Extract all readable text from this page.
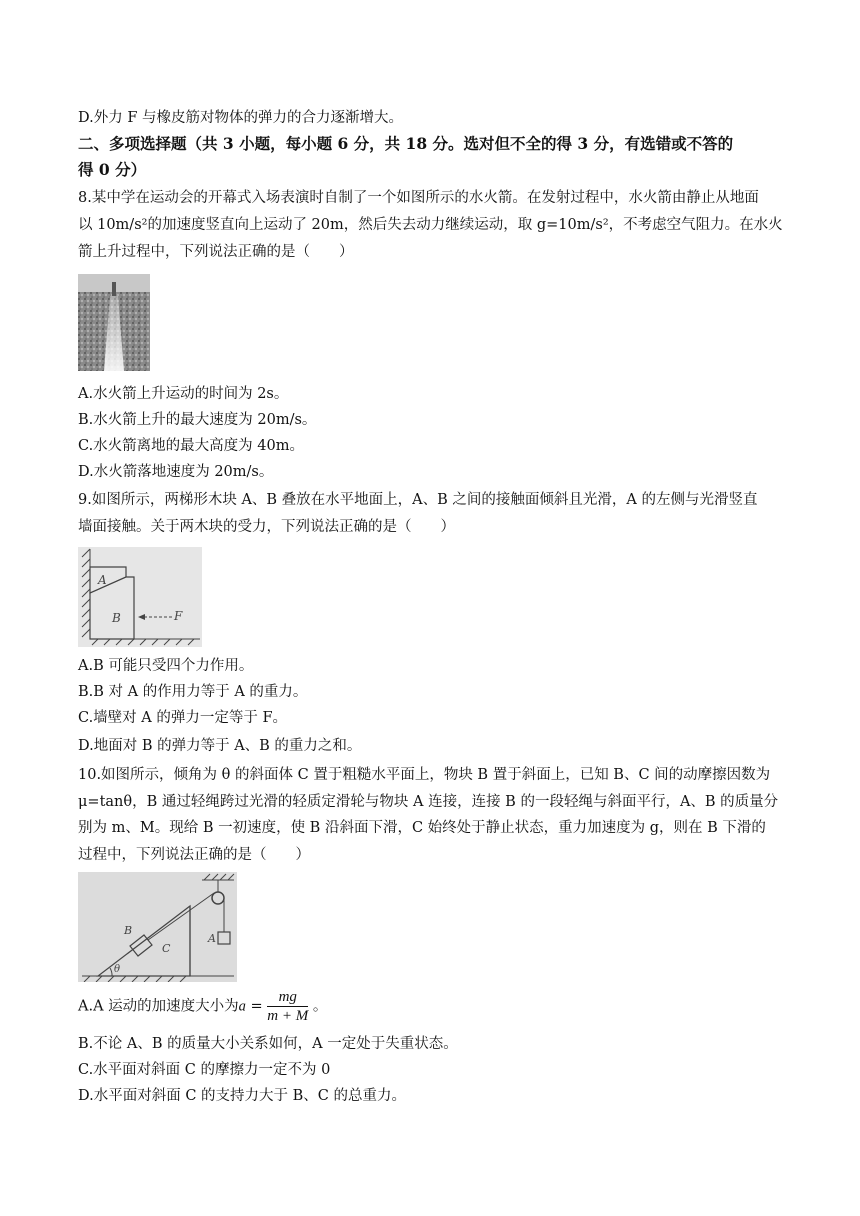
D.外力 F 与橡皮筋对物体的弹力的合力逐渐增大。
二、多项选择题（共 3 小题，每小题 6 分，共 18 分。选对但不全的得 3 分，有选错或不答的
得 0 分）
8.某中学在运动会的开幕式入场表演时自制了一个如图所示的水火箭。在发射过程中，水火箭由静止从地面
以 10m/s²的加速度竖直向上运动了 20m，然后失去动力继续运动，取 g=10m/s²，不考虑空气阻力。在水火
箭上升过程中，下列说法正确的是（　　）
A.水火箭上升运动的时间为 2s。
B.水火箭上升的最大速度为 20m/s。
C.水火箭离地的最大高度为 40m。
D.水火箭落地速度为 20m/s。
9.如图所示，两梯形木块 A、B 叠放在水平地面上，A、B 之间的接触面倾斜且光滑，A 的左侧与光滑竖直
墙面接触。关于两木块的受力，下列说法正确的是（　　）
A
B	F
A.B 可能只受四个力作用。
B.B 对 A 的作用力等于 A 的重力。
C.墙壁对 A 的弹力一定等于 F。
D.地面对 B 的弹力等于 A、B 的重力之和。
10.如图所示，倾角为 θ 的斜面体 C 置于粗糙水平面上，物块 B 置于斜面上，已知 B、C 间的动摩擦因数为
μ=tanθ，B 通过轻绳跨过光滑的轻质定滑轮与物块 A 连接，连接 B 的一段轻绳与斜面平行，A、B 的质量分
别为 m、M。现给 B 一初速度，使 B 沿斜面下滑，C 始终处于静止状态，重力加速度为 g，则在 B 下滑的
过程中，下列说法正确的是（　　）
B
C
A
θ
A.A 运动的加速度大小为$a = \frac{mg}{m + M}$ 。
B.不论 A、B 的质量大小关系如何，A 一定处于失重状态。
C.水平面对斜面 C 的摩擦力一定不为 0
D.水平面对斜面 C 的支持力大于 B、C 的总重力。
